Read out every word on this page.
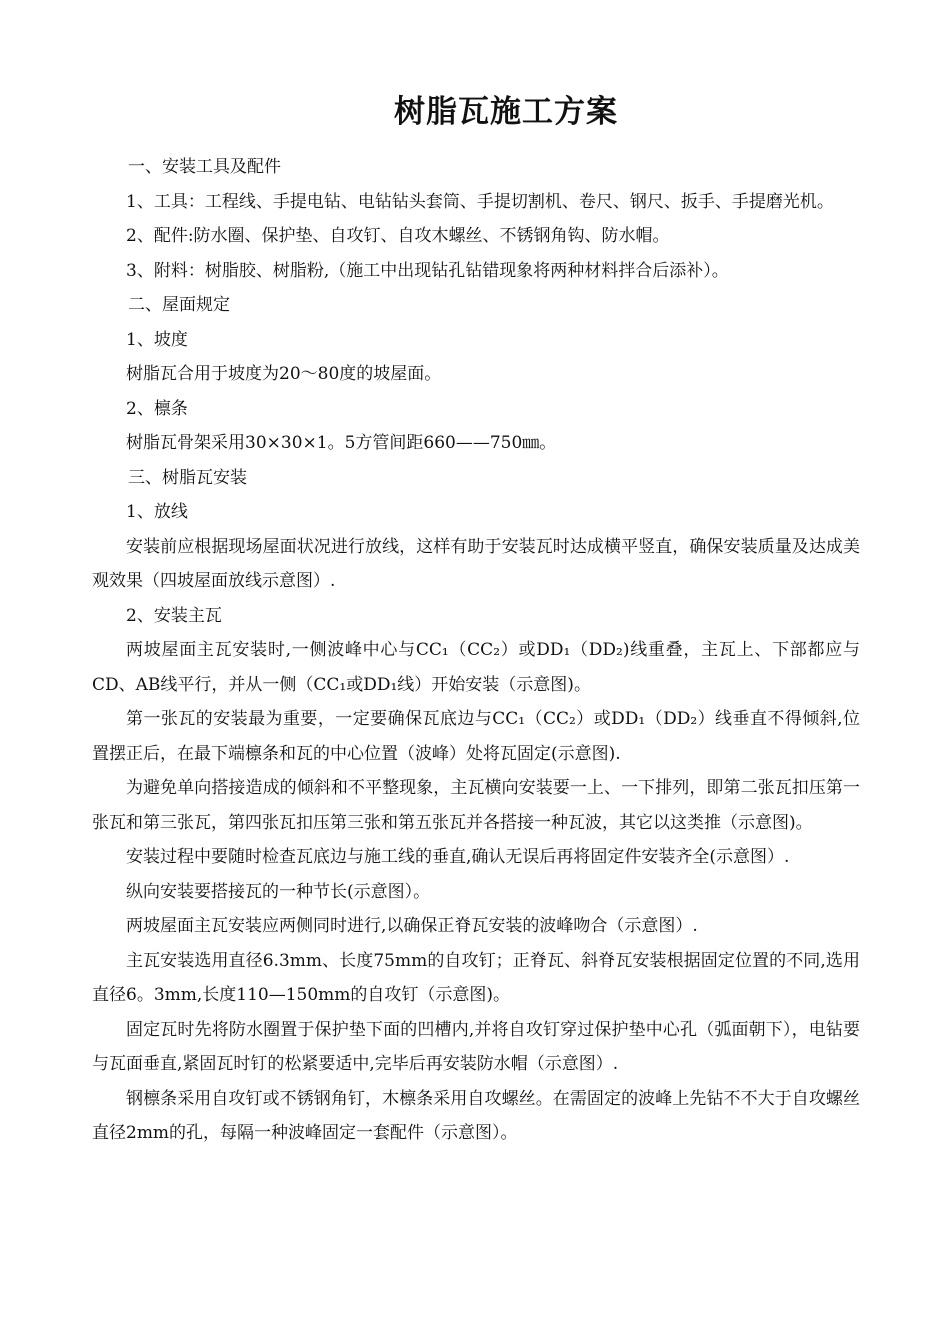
树脂瓦施工方案

一、安装工具及配件

1、工具：工程线、手提电钻、电钻钻头套筒、手提切割机、卷尺、钢尺、扳手、手提磨光机。

2、配件:防水圈、保护垫、自攻钉、自攻木螺丝、不锈钢角钩、防水帽。

3、附料：树脂胶、树脂粉,（施工中出现钻孔钻错现象将两种材料拌合后添补）。

二、屋面规定

1、坡度

树脂瓦合用于坡度为20～80度的坡屋面。

2、檩条

树脂瓦骨架采用30×30×1。5方管间距660——750㎜。

三、树脂瓦安装

1、放线

安装前应根据现场屋面状况进行放线，这样有助于安装瓦时达成横平竖直，确保安装质量及达成美观效果（四坡屋面放线示意图）.

2、安装主瓦

两坡屋面主瓦安装时,一侧波峰中心与CC₁（CC₂）或DD₁（DD₂)线重叠，主瓦上、下部都应与CD、AB线平行，并从一侧（CC₁或DD₁线）开始安装（示意图)。

第一张瓦的安装最为重要，一定要确保瓦底边与CC₁（CC₂）或DD₁（DD₂）线垂直不得倾斜,位置摆正后，在最下端檩条和瓦的中心位置（波峰）处将瓦固定(示意图).

为避免单向搭接造成的倾斜和不平整现象，主瓦横向安装要一上、一下排列，即第二张瓦扣压第一张瓦和第三张瓦，第四张瓦扣压第三张和第五张瓦并各搭接一种瓦波，其它以这类推（示意图)。

安装过程中要随时检查瓦底边与施工线的垂直,确认无误后再将固定件安装齐全(示意图）.

纵向安装要搭接瓦的一种节长(示意图）。

两坡屋面主瓦安装应两侧同时进行,以确保正脊瓦安装的波峰吻合（示意图）.

主瓦安装选用直径6.3mm、长度75mm的自攻钉；正脊瓦、斜脊瓦安装根据固定位置的不同,选用直径6。3mm,长度110—150mm的自攻钉（示意图)。

固定瓦时先将防水圈置于保护垫下面的凹槽内,并将自攻钉穿过保护垫中心孔（弧面朝下），电钻要与瓦面垂直,紧固瓦时钉的松紧要适中,完毕后再安装防水帽（示意图）.

钢檩条采用自攻钉或不锈钢角钉，木檩条采用自攻螺丝。在需固定的波峰上先钻不不大于自攻螺丝直径2mm的孔，每隔一种波峰固定一套配件（示意图）。
